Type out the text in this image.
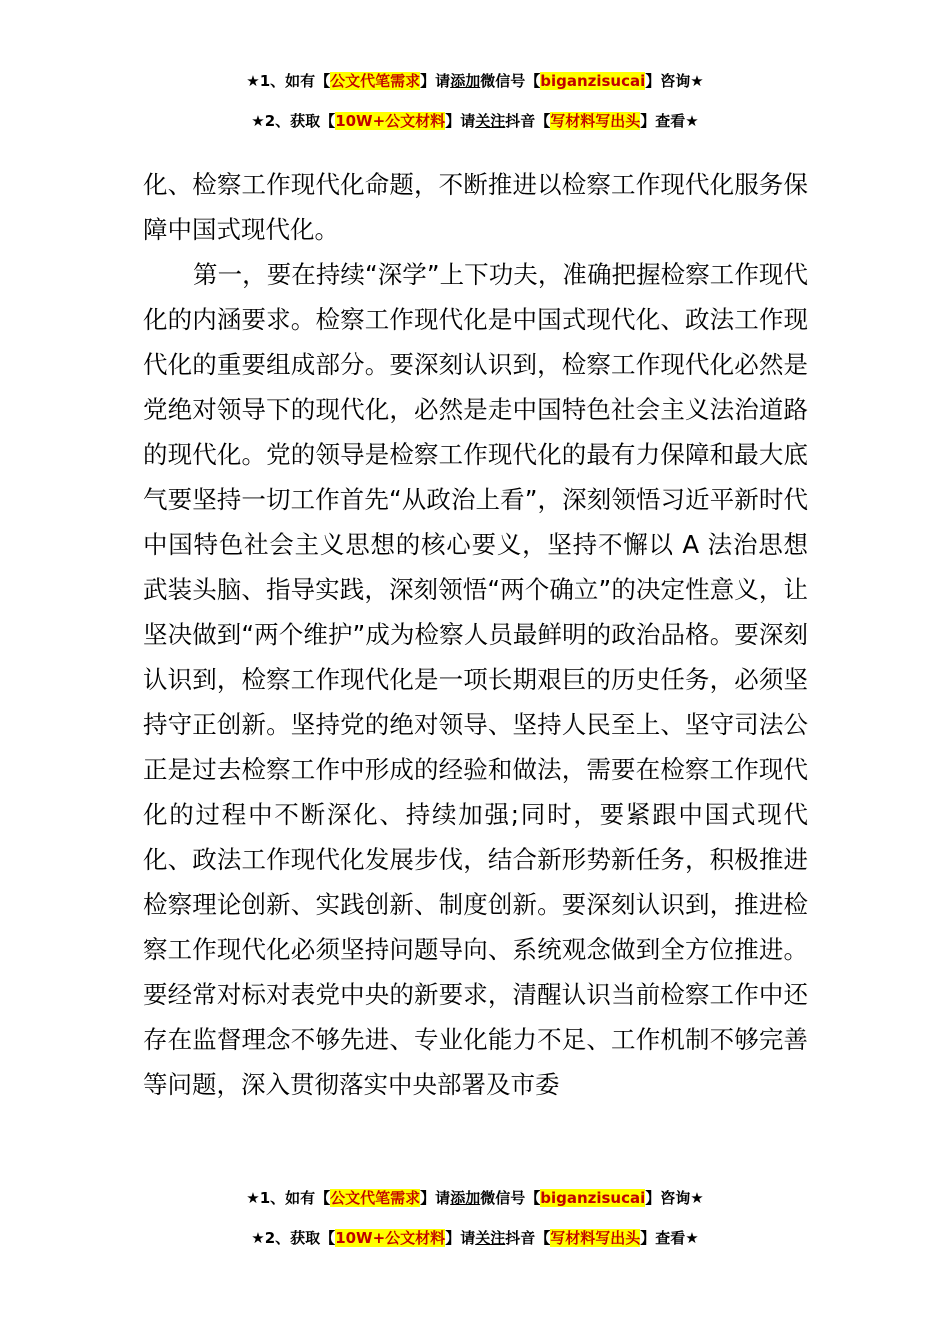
★1、如有【公文代笔需求】请添加微信号【biganzisucai】咨询★
★2、获取【10W+公文材料】请关注抖音【写材料写出头】查看★

化、检察工作现代化命题，不断推进以检察工作现代化服务保障中国式现代化。

第一，要在持续“深学”上下功夫，准确把握检察工作现代化的内涵要求。检察工作现代化是中国式现代化、政法工作现代化的重要组成部分。要深刻认识到，检察工作现代化必然是党绝对领导下的现代化，必然是走中国特色社会主义法治道路的现代化。党的领导是检察工作现代化的最有力保障和最大底气要坚持一切工作首先“从政治上看”，深刻领悟习近平新时代中国特色社会主义思想的核心要义，坚持不懈以 A 法治思想武装头脑、指导实践，深刻领悟“两个确立”的决定性意义，让坚决做到“两个维护”成为检察人员最鲜明的政治品格。要深刻认识到，检察工作现代化是一项长期艰巨的历史任务，必须坚持守正创新。坚持党的绝对领导、坚持人民至上、坚守司法公正是过去检察工作中形成的经验和做法，需要在检察工作现代化的过程中不断深化、持续加强;同时，要紧跟中国式现代化、政法工作现代化发展步伐，结合新形势新任务，积极推进检察理论创新、实践创新、制度创新。要深刻认识到，推进检察工作现代化必须坚持问题导向、系统观念做到全方位推进。要经常对标对表党中央的新要求，清醒认识当前检察工作中还存在监督理念不够先进、专业化能力不足、工作机制不够完善等问题，深入贯彻落实中央部署及市委

★1、如有【公文代笔需求】请添加微信号【biganzisucai】咨询★
★2、获取【10W+公文材料】请关注抖音【写材料写出头】查看★
